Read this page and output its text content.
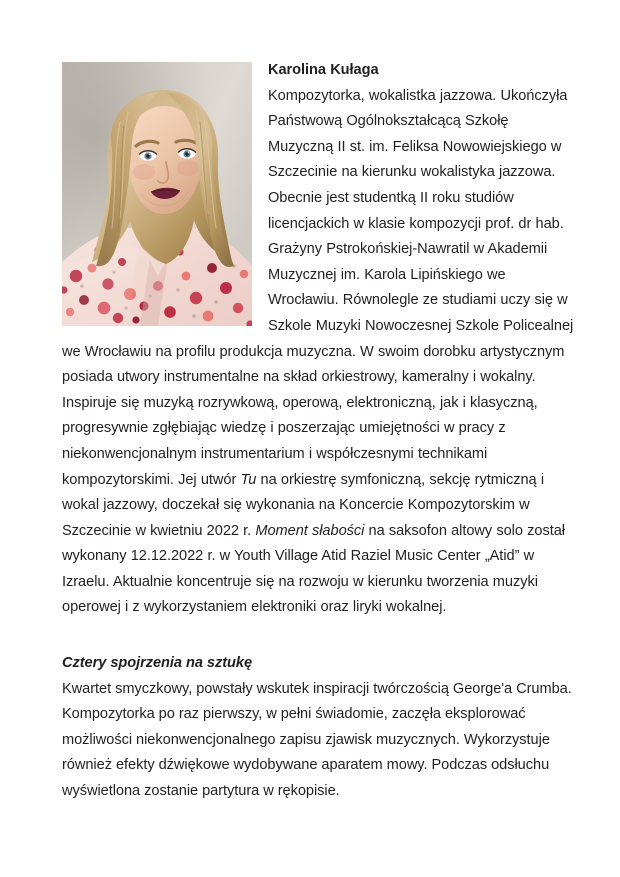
Karolina Kułaga
Kompozytorka, wokalistka jazzowa. Ukończyła Państwową Ogólnokształcącą Szkołę Muzyczną II st. im. Feliksa Nowowiejskiego w Szczecinie na kierunku wokalistyka jazzowa. Obecnie jest studentką II roku studiów licencjackich w klasie kompozycji prof. dr hab. Grażyny Pstrokońskiej-Nawratil w Akademii Muzycznej im. Karola Lipińskiego we Wrocławiu. Równolegle ze studiami uczy się w Szkole Muzyki Nowoczesnej Szkole Policealnej we Wrocławiu na profilu produkcja muzyczna. W swoim dorobku artystycznym posiada utwory instrumentalne na skład orkiestrowy, kameralny i wokalny. Inspiruje się muzyką rozrywkową, operową, elektroniczną, jak i klasyczną, progresywnie zgłębiając wiedzę i poszerzając umiejętności w pracy z niekonwencjonalnym instrumentarium i współczesnymi technikami kompozytorskimi. Jej utwór Tu na orkiestrę symfoniczną, sekcję rytmiczną i wokal jazzowy, doczekał się wykonania na Koncercie Kompozytorskim w Szczecinie w kwietniu 2022 r. Moment słabości na saksofon altowy solo został wykonany 12.12.2022 r. w Youth Village Atid Raziel Music Center „Atid” w Izraelu. Aktualnie koncentruje się na rozwoju w kierunku tworzenia muzyki operowej i z wykorzystaniem elektroniki oraz liryki wokalnej.
Cztery spojrzenia na sztukę
Kwartet smyczkowy, powstały wskutek inspiracji twórczością George'a Crumba. Kompozytorka po raz pierwszy, w pełni świadomie, zaczęła eksplorować możliwości niekonwencjonalnego zapisu zjawisk muzycznych. Wykorzystuje również efekty dźwiękowe wydobywane aparatem mowy. Podczas odsłuchu wyświetlona zostanie partytura w rękopisie.
